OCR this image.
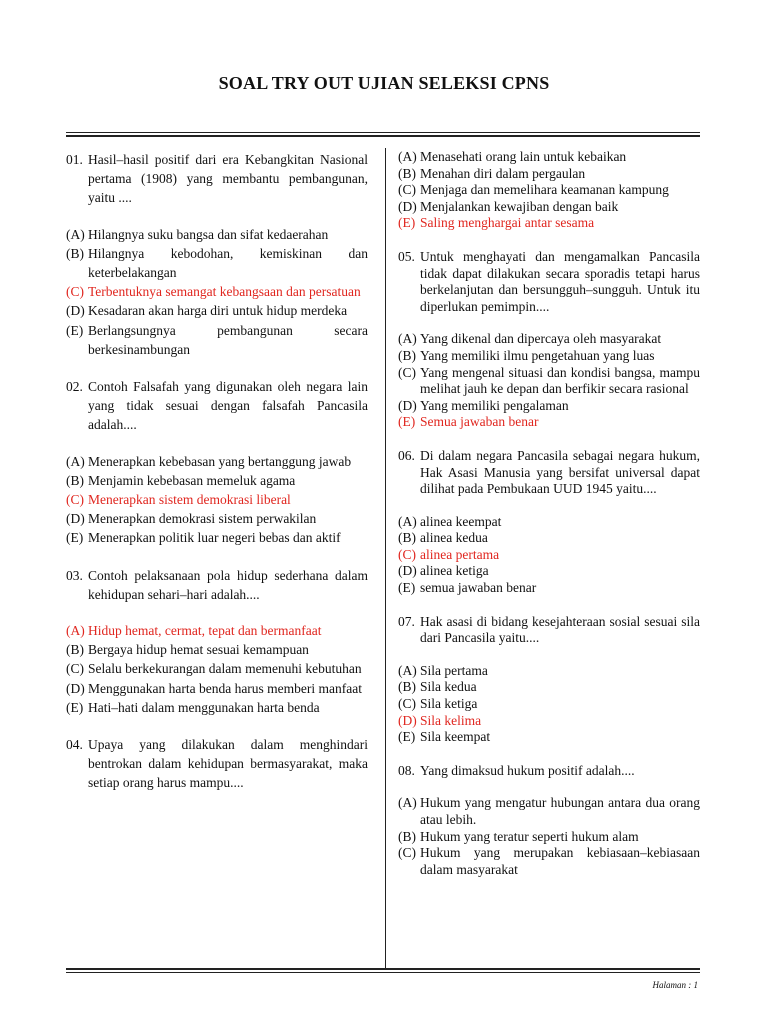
SOAL TRY OUT UJIAN SELEKSI CPNS
01. Hasil–hasil positif dari era Kebangkitan Nasional pertama (1908) yang membantu pembangunan, yaitu ....

(A) Hilangnya suku bangsa dan sifat kedaerahan
(B) Hilangnya kebodohan, kemiskinan dan keterbelakangan
(C) Terbentuknya semangat kebangsaan dan persatuan
(D) Kesadaran akan harga diri untuk hidup merdeka
(E) Berlangsungnya pembangunan secara berkesinambungan
02. Contoh Falsafah yang digunakan oleh negara lain yang tidak sesuai dengan falsafah Pancasila adalah....

(A) Menerapkan kebebasan yang bertanggung jawab
(B) Menjamin kebebasan memeluk agama
(C) Menerapkan sistem demokrasi liberal
(D) Menerapkan demokrasi sistem perwakilan
(E) Menerapkan politik luar negeri bebas dan aktif
03. Contoh pelaksanaan pola hidup sederhana dalam kehidupan sehari–hari adalah....

(A) Hidup hemat, cermat, tepat dan bermanfaat
(B) Bergaya hidup hemat sesuai kemampuan
(C) Selalu berkekurangan dalam memenuhi kebutuhan
(D) Menggunakan harta benda harus memberi manfaat
(E) Hati–hati dalam menggunakan harta benda
04. Upaya yang dilakukan dalam menghindari bentrokan dalam kehidupan bermasyarakat, maka setiap orang harus mampu....

(A) Menasehati orang lain untuk kebaikan
(B) Menahan diri dalam pergaulan
(C) Menjaga dan memelihara keamanan kampung
(D) Menjalankan kewajiban dengan baik
(E) Saling menghargai antar sesama
05. Untuk menghayati dan mengamalkan Pancasila tidak dapat dilakukan secara sporadis tetapi harus berkelanjutan dan bersungguh–sungguh. Untuk itu diperlukan pemimpin....

(A) Yang dikenal dan dipercaya oleh masyarakat
(B) Yang memiliki ilmu pengetahuan yang luas
(C) Yang mengenal situasi dan kondisi bangsa, mampu melihat jauh ke depan dan berfikir secara rasional
(D) Yang memiliki pengalaman
(E) Semua jawaban benar
06. Di dalam negara Pancasila sebagai negara hukum, Hak Asasi Manusia yang bersifat universal dapat dilihat pada Pembukaan UUD 1945 yaitu....

(A) alinea keempat
(B) alinea kedua
(C) alinea pertama
(D) alinea ketiga
(E) semua jawaban benar
07. Hak asasi di bidang kesejahteraan sosial sesuai sila dari Pancasila yaitu....

(A) Sila pertama
(B) Sila kedua
(C) Sila ketiga
(D) Sila kelima
(E) Sila keempat
08. Yang dimaksud hukum positif adalah....

(A) Hukum yang mengatur hubungan antara dua orang atau lebih.
(B) Hukum yang teratur seperti hukum alam
(C) Hukum yang merupakan kebiasaan–kebiasaan dalam masyarakat
Halaman : 1
